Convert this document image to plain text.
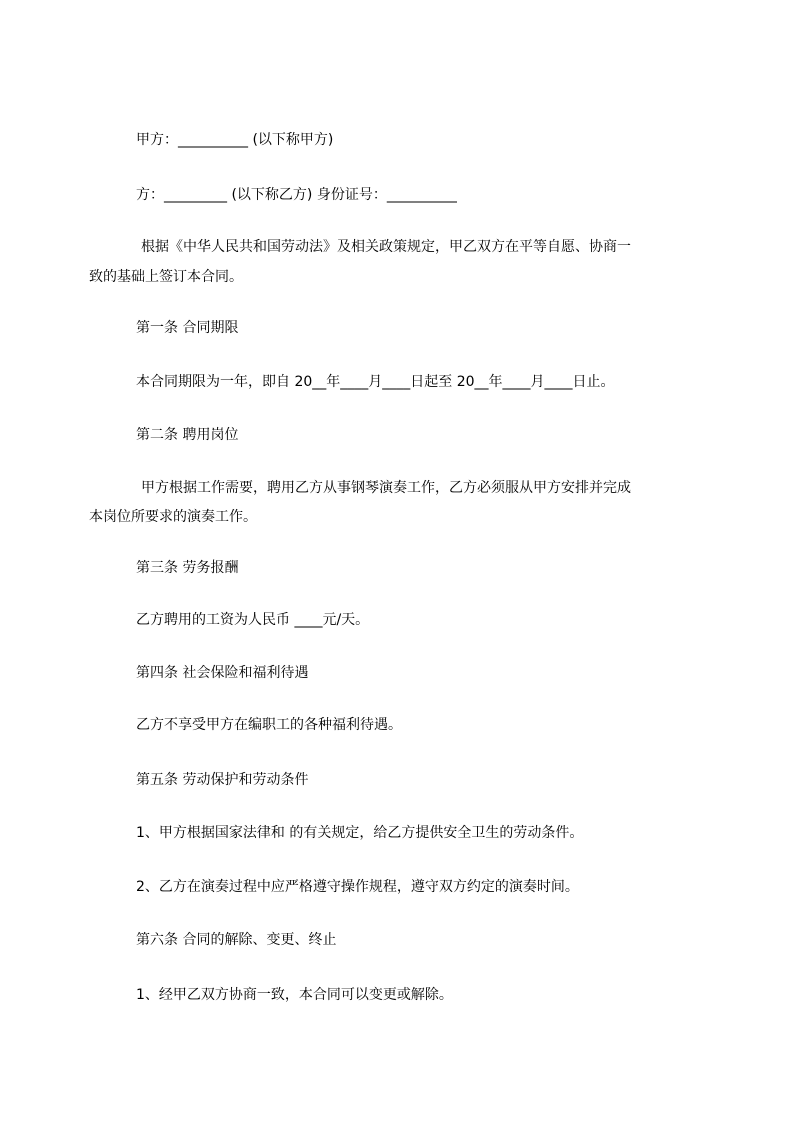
甲方：__________ (以下称甲方)
方：_________ (以下称乙方) 身份证号：__________
根据《中华人民共和国劳动法》及相关政策规定，甲乙双方在平等自愿、协商一
致的基础上签订本合同。
第一条 合同期限
本合同期限为一年，即自 20__年____月____日起至 20__年____月____日止。
第二条 聘用岗位
甲方根据工作需要，聘用乙方从事钢琴演奏工作，乙方必须服从甲方安排并完成
本岗位所要求的演奏工作。
第三条 劳务报酬
乙方聘用的工资为人民币 ____元/天。
第四条 社会保险和福利待遇
乙方不享受甲方在编职工的各种福利待遇。
第五条 劳动保护和劳动条件
1、甲方根据国家法律和 的有关规定，给乙方提供安全卫生的劳动条件。
2、乙方在演奏过程中应严格遵守操作规程，遵守双方约定的演奏时间。
第六条 合同的解除、变更、终止
1、经甲乙双方协商一致，本合同可以变更或解除。
